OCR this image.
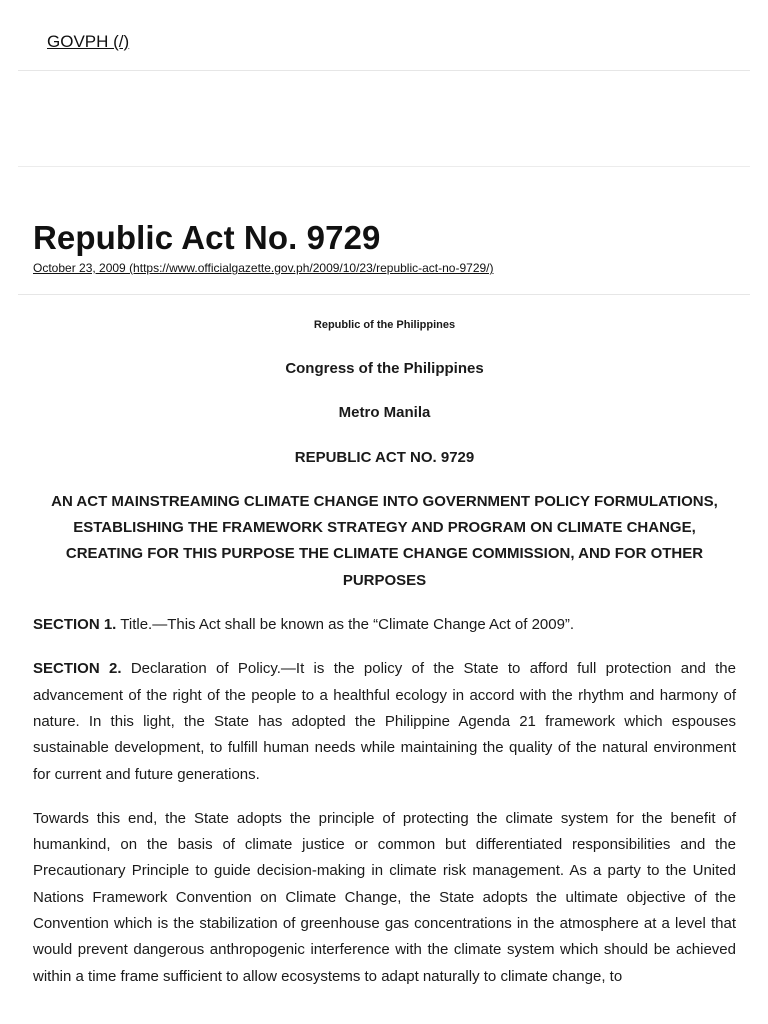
GOVPH (/)
Republic Act No. 9729
October 23, 2009 (https://www.officialgazette.gov.ph/2009/10/23/republic-act-no-9729/)

Republic of the Philippines

Congress of the Philippines

Metro Manila

REPUBLIC ACT NO. 9729

AN ACT MAINSTREAMING CLIMATE CHANGE INTO GOVERNMENT POLICY FORMULATIONS, ESTABLISHING THE FRAMEWORK STRATEGY AND PROGRAM ON CLIMATE CHANGE, CREATING FOR THIS PURPOSE THE CLIMATE CHANGE COMMISSION, AND FOR OTHER PURPOSES

SECTION 1. Title.—This Act shall be known as the “Climate Change Act of 2009”.

SECTION 2. Declaration of Policy.—It is the policy of the State to afford full protection and the advancement of the right of the people to a healthful ecology in accord with the rhythm and harmony of nature. In this light, the State has adopted the Philippine Agenda 21 framework which espouses sustainable development, to fulfill human needs while maintaining the quality of the natural environment for current and future generations.

Towards this end, the State adopts the principle of protecting the climate system for the benefit of humankind, on the basis of climate justice or common but differentiated responsibilities and the Precautionary Principle to guide decision-making in climate risk management. As a party to the United Nations Framework Convention on Climate Change, the State adopts the ultimate objective of the Convention which is the stabilization of greenhouse gas concentrations in the atmosphere at a level that would prevent dangerous anthropogenic interference with the climate system which should be achieved within a time frame sufficient to allow ecosystems to adapt naturally to climate change, to
